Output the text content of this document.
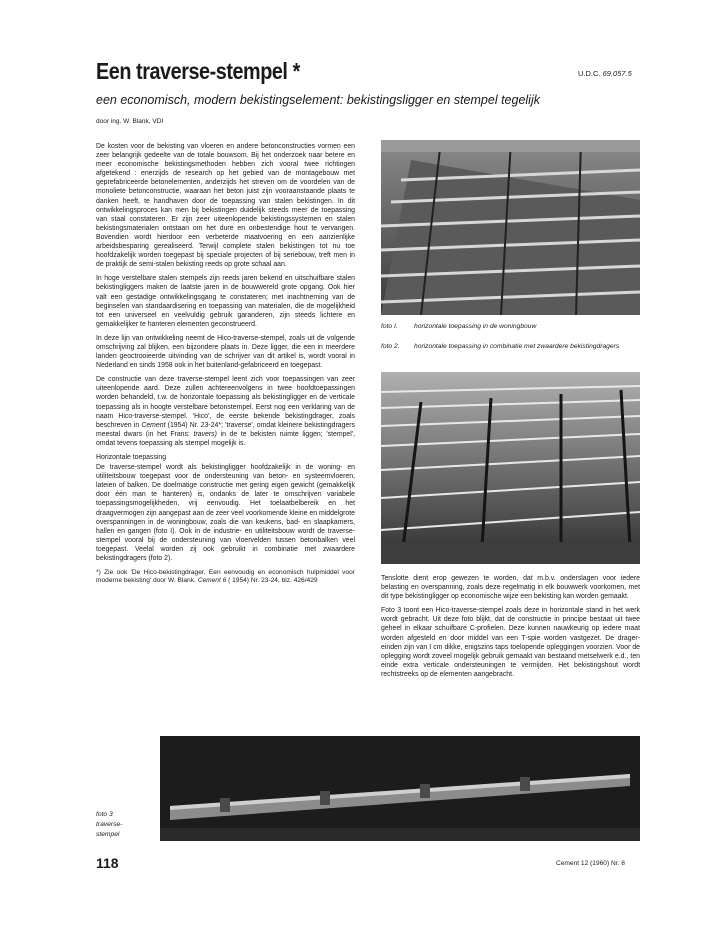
Een traverse-stempel *	U.D.C. 69.057.5
een economisch, modern bekistingselement: bekistingsligger en stempel tegelijk
door ing. W. Blank, VDI

De kosten voor de bekisting van vloeren en andere betonconstructies vormen een zeer belangrijk gedeelte van de totale bouwsom. Bij het onderzoek naar betere en meer economische bekistingsmethoden hebben zich vooral twee richtingen afgetekend : enerzijds de research op het gebied van de montagebouw met geprefabriceerde betonelementen, anderzijds het streven om de voordelen van de monoliete betonconstructie, waaraan het beton juist zijn vooraanstaande plaats te danken heeft, te handhaven door de toepassing van stalen bekistingen. In dit ontwikkelingsproces kan men bij bekistingen duidelijk steeds meer de toepassing van staal constateren. Er zijn zeer uiteenlopende bekistingssystemen en stalen bekistingsmaterialen ontstaan om het dure en onbestendige hout te vervangen. Bovendien wordt hierdoor een verbeterde maatvoering en een aanzienlijke arbeidsbesparing gerealiseerd. Terwijl complete stalen bekistingen tot nu toe hoofdzakelijk worden toegepast bij speciale projecten of bij seriebouw, treft men in de praktijk de semi-stalen bekisting reeds op grote schaal aan.

In hoge verstelbare stalen stempels zijn reeds jaren bekend en uitschuifbare stalen bekistingliggers maken de laatste jaren in de bouwwereld grote opgang. Ook hier valt een gestadige ontwikkelingsgang te constateren; met inachtneming van de beginselen van standaardisering en toepassing van materialen, die de mogelijkheid tot een universeel en veelvuldig gebruik garanderen, zijn steeds lichtere en gemakkelijker te hanteren elementen geconstrueerd.

In deze lijn van ontwikkeling neemt de Hico-traverse-stempel, zoals uit de volgende omschrijving zal blijken, een bijzondere plaats in. Deze ligger, die een in meerdere landen geoctrooieerde uitvinding van de schrijver van dit artikel is, wordt vooral in Nederland en sinds 1958 ook in het buitenland-gefabriceerd en toegepast.

De constructie van deze traverse-stempel leent zich voor toepassingen van zeer uiteenlopende aard. Deze zullen achtereenvolgens in twee hoofdtoepassingen worden behandeld, t.w. de horizontale toepassing als bekistingligger en de verticale toepassing als in hoogte verstelbare betonstempel. Eerst nog een verklaring van de naam Hico-traverse-stempel. 'Hico', de eerste bekende bekistingdrager, zoals beschreven in Cement (1954) Nr. 23-24*; 'traverse', omdat kleinere bekistingdragers meestal dwars (in het Frans: travers) in de te bekisten ruimte liggen; 'stempel', omdat tevens toepassing als stempel mogelijk is.

Horizontale toepassing

De traverse-stempel wordt als bekistingligger hoofdzakelijk in de woning- en utiliteitsbouw toegepast voor de ondersteuning van beton- en systeemvloeren, lateien of balken. De doelmatige constructie met gering eigen gewicht (gemakkelijk door één man te hanteren) is, ondanks de later te omschrijven variabele toepassingsmogelijkheden, vrij eenvoudig. Het toelaatbelbereik en het draagvermogen zijn aangepast aan de zeer veel voorkomende kleine en middelgrote overspanningen in de woningbouw, zoals die van keukens, bad- en slaapkamers, hallen en gangen (foto I). Ook in de industrie- en utiliteitsbouw wordt de traverse-stempel vooral bij de ondersteuning van vloervelden tussen betonbalken veel toegepast. Veelal worden zij ook gebruikt in combinatie met zwaardere bekistingdragers (foto 2).

*) Zie ook 'De Hico-bekistingdrager. Een eenvoudig en economisch hulpmiddel voor moderne bekisting' door W. Blank. Cement 6 ( 1954) Nr. 23-24, blz. 426/429
foto I. horizontale toepassing in de woningbouw
foto 2.	horizontale toepassing in combinatie met zwaardere bekistingdragers

Tenslotte dient erop gewezen te worden, dat m.b.v. onderslagen voor iedere belasting en overspanning, zoals deze regelmatig in elk bouwwerk voorkomen, met dit type bekistingligger op economische wijze een bekisting kan worden gemaakt.

Foto 3 toont een Hico-traverse-stempel zoals deze in horizontale stand in het werk wordt gebracht. Uit deze foto blijkt, dat de constructie in principe bestaat uit twee geheel in elkaar schuifbare C-profielen. Deze kunnen nauwkeurig op iedere maat worden afgesteld en door middel van een T-spie worden vastgezet. De drager-einden zijn van I cm dikke, enigszins taps toelopende opleggingen voorzien. Voor de oplegging wordt zoveel mogelijk gebruik gemaakt van bestaand metselwerk e.d., ten einde extra verticale ondersteuningen te vermijden. Het bekistingshout wordt rechtstreeks op de elementen aangebracht.

foto 3
traverse-
stempel
118	Cement 12 (1960) Nr. 8
